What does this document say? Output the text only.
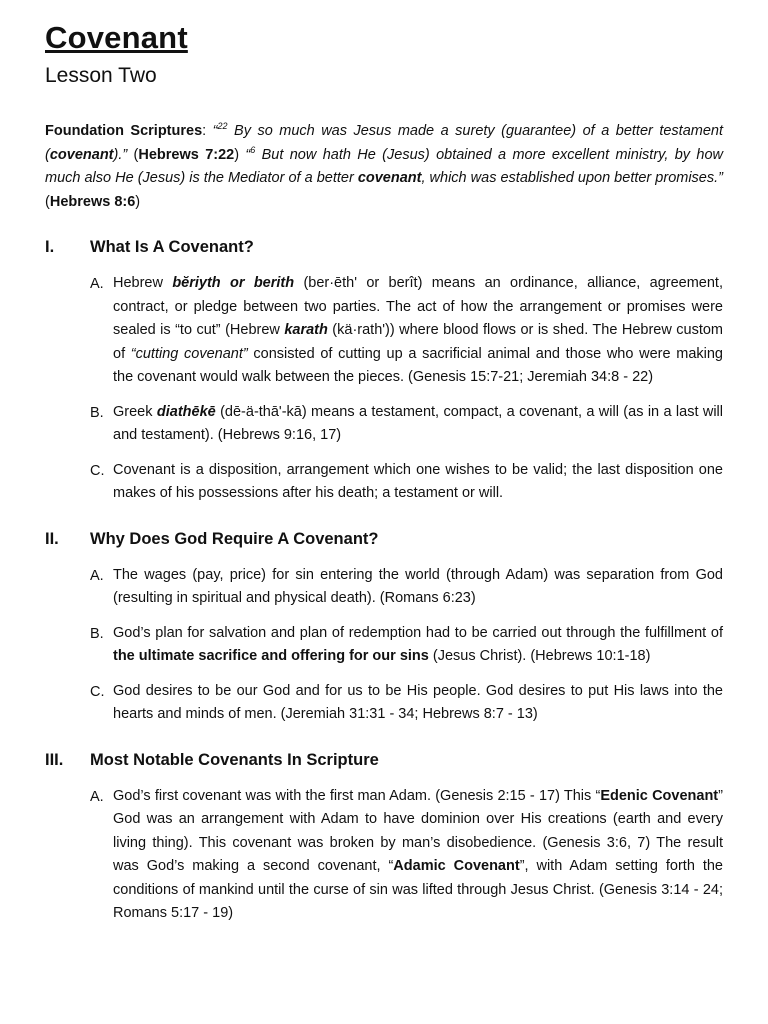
Covenant
Lesson Two

Foundation Scriptures: “$^{22}$ By so much was Jesus made a surety (guarantee) of a better testament (covenant).” (Hebrews 7:22) “$^6$ But now hath He (Jesus) obtained a more excellent ministry, by how much also He (Jesus) is the Mediator of a better covenant, which was established upon better promises.” (Hebrews 8:6)

I. What Is A Covenant?
A. Hebrew bĕriyth or berith (ber·ēth' or berît) means an ordinance, alliance, agreement, contract, or pledge between two parties. The act of how the arrangement or promises were sealed is “to cut” (Hebrew karath (kä·rath')) where blood flows or is shed. The Hebrew custom of “cutting covenant” consisted of cutting up a sacrificial animal and those who were making the covenant would walk between the pieces. (Genesis 15:7-21; Jeremiah 34:8 - 22)
B. Greek diathēkē (dē-ä-thā'-kā) means a testament, compact, a covenant, a will (as in a last will and testament). (Hebrews 9:16, 17)
C. Covenant is a disposition, arrangement which one wishes to be valid; the last disposition one makes of his possessions after his death; a testament or will.
II. Why Does God Require A Covenant?
A. The wages (pay, price) for sin entering the world (through Adam) was separation from God (resulting in spiritual and physical death). (Romans 6:23)
B. God’s plan for salvation and plan of redemption had to be carried out through the fulfillment of the ultimate sacrifice and offering for our sins (Jesus Christ). (Hebrews 10:1-18)
C. God desires to be our God and for us to be His people. God desires to put His laws into the hearts and minds of men. (Jeremiah 31:31 - 34; Hebrews 8:7 - 13)
III. Most Notable Covenants In Scripture
A. God’s first covenant was with the first man Adam. (Genesis 2:15 - 17) This “Edenic Covenant” God was an arrangement with Adam to have dominion over His creations (earth and every living thing). This covenant was broken by man’s disobedience. (Genesis 3:6, 7) The result was God’s making a second covenant, “Adamic Covenant”, with Adam setting forth the conditions of mankind until the curse of sin was lifted through Jesus Christ. (Genesis 3:14 - 24; Romans 5:17 - 19)
